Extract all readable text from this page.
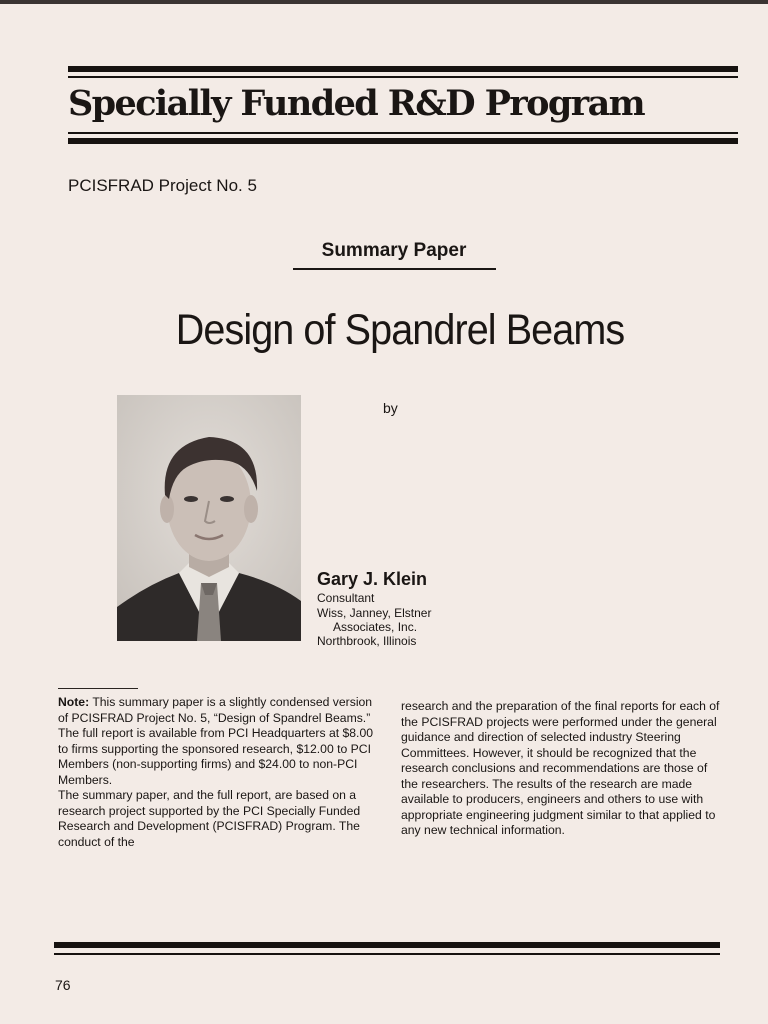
Specially Funded R&D Program
PCISFRAD Project No. 5
Summary Paper
Design of Spandrel Beams
by
Gary J. Klein
Consultant
Wiss, Janney, Elstner
Associates, Inc.
Northbrook, Illinois

Note: This summary paper is a slightly condensed version of PCISFRAD Project No. 5, “Design of Spandrel Beams.” The full report is available from PCI Headquarters at $8.00 to firms supporting the sponsored research, $12.00 to PCI Members (non-supporting firms) and $24.00 to non-PCI Members.

The summary paper, and the full report, are based on a research project supported by the PCI Specially Funded Research and Development (PCISFRAD) Program. The conduct of the

research and the preparation of the final reports for each of the PCISFRAD projects were performed under the general guidance and direction of selected industry Steering Committees. However, it should be recognized that the research conclusions and recommendations are those of the researchers. The results of the research are made available to producers, engineers and others to use with appropriate engineering judgment similar to that applied to any new technical information.

76
